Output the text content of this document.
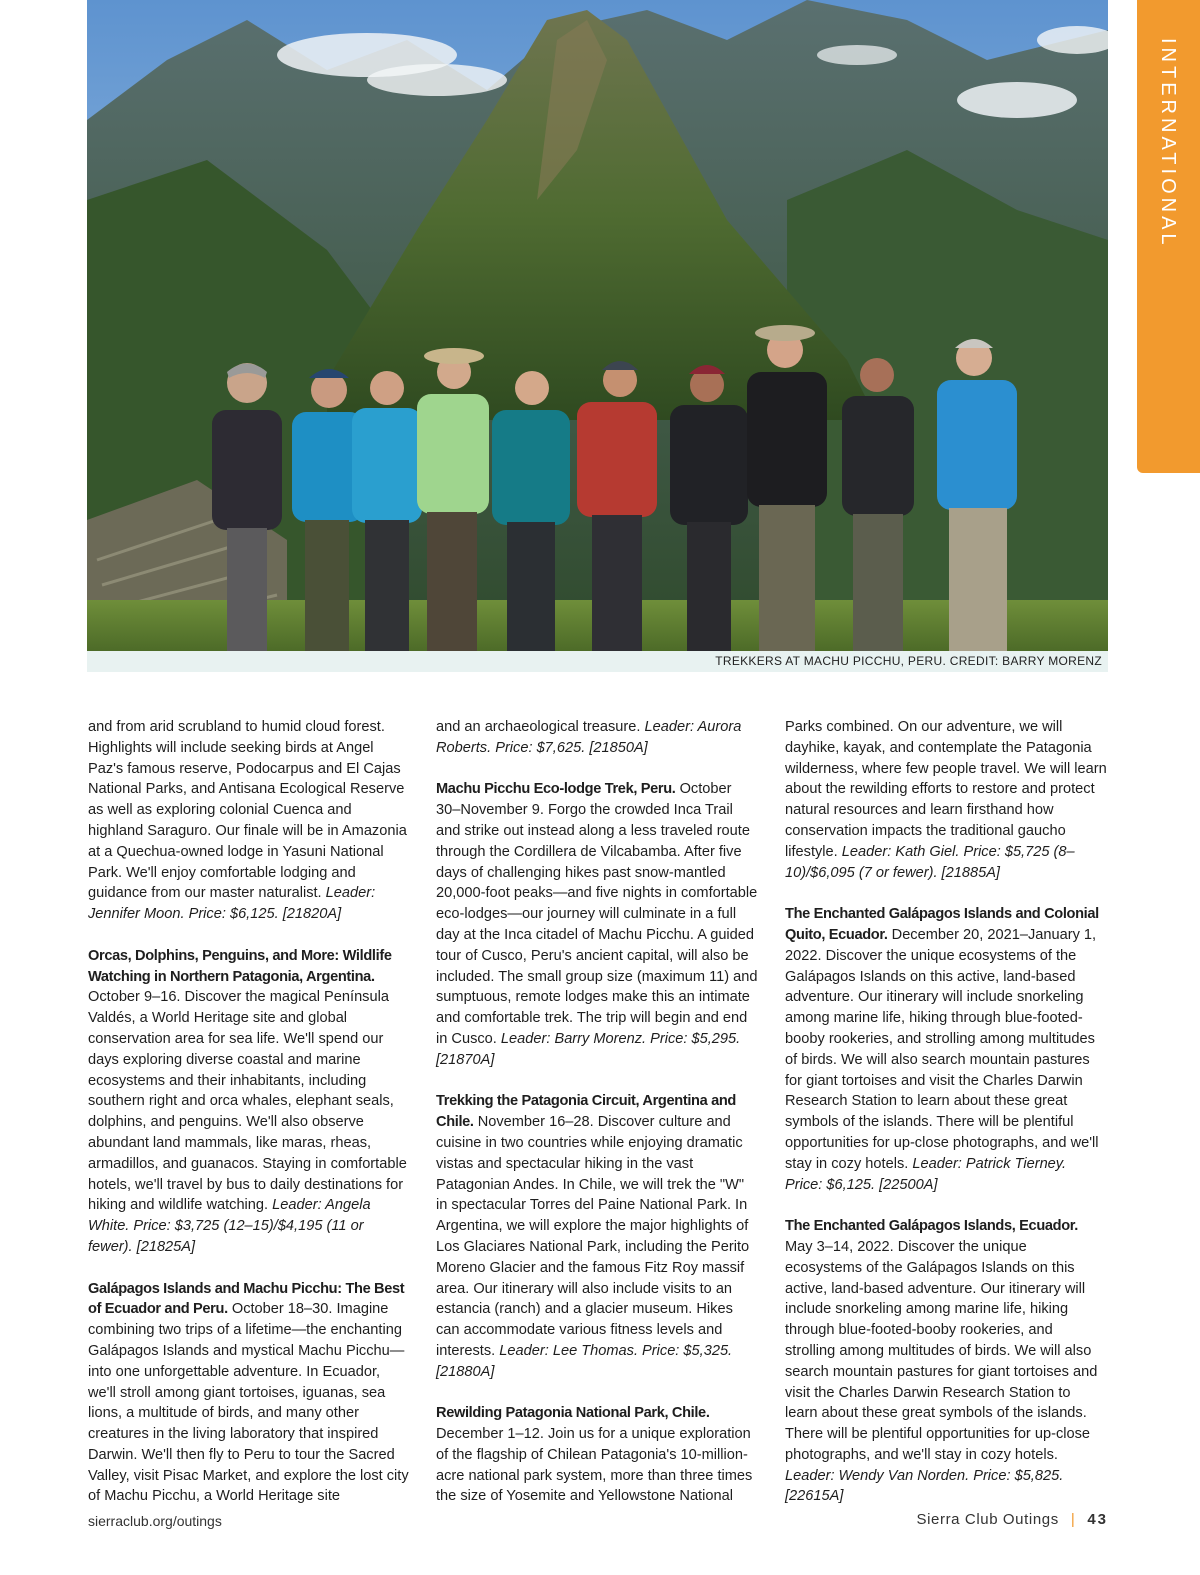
TREKKERS AT MACHU PICCHU, PERU. CREDIT: BARRY MORENZ
INTERNATIONAL

and from arid scrubland to humid cloud forest. Highlights will include seeking birds at Angel Paz's famous reserve, Podocarpus and El Cajas National Parks, and Antisana Ecological Reserve as well as exploring colonial Cuenca and highland Saraguro. Our finale will be in Amazonia at a Quechua-owned lodge in Yasuni National Park. We'll enjoy comfortable lodging and guidance from our master naturalist. Leader: Jennifer Moon. Price: $6,125. [21820A]

Orcas, Dolphins, Penguins, and More: Wildlife Watching in Northern Patagonia, Argentina. October 9–16. Discover the magical Península Valdés, a World Heritage site and global conservation area for sea life. We'll spend our days exploring diverse coastal and marine ecosystems and their inhabitants, including southern right and orca whales, elephant seals, dolphins, and penguins. We'll also observe abundant land mammals, like maras, rheas, armadillos, and guanacos. Staying in comfortable hotels, we'll travel by bus to daily destinations for hiking and wildlife watching. Leader: Angela White. Price: $3,725 (12–15)/$4,195 (11 or fewer). [21825A]

Galápagos Islands and Machu Picchu: The Best of Ecuador and Peru. October 18–30. Imagine combining two trips of a lifetime—the enchanting Galápagos Islands and mystical Machu Picchu—into one unforgettable adventure. In Ecuador, we'll stroll among giant tortoises, iguanas, sea lions, a multitude of birds, and many other creatures in the living laboratory that inspired Darwin. We'll then fly to Peru to tour the Sacred Valley, visit Pisac Market, and explore the lost city of Machu Picchu, a World Heritage site

and an archaeological treasure. Leader: Aurora Roberts. Price: $7,625. [21850A]

Machu Picchu Eco-lodge Trek, Peru. October 30–November 9. Forgo the crowded Inca Trail and strike out instead along a less traveled route through the Cordillera de Vilcabamba. After five days of challenging hikes past snow-mantled 20,000-foot peaks—and five nights in comfortable eco-lodges—our journey will culminate in a full day at the Inca citadel of Machu Picchu. A guided tour of Cusco, Peru's ancient capital, will also be included. The small group size (maximum 11) and sumptuous, remote lodges make this an intimate and comfortable trek. The trip will begin and end in Cusco. Leader: Barry Morenz. Price: $5,295. [21870A]

Trekking the Patagonia Circuit, Argentina and Chile. November 16–28. Discover culture and cuisine in two countries while enjoying dramatic vistas and spectacular hiking in the vast Patagonian Andes. In Chile, we will trek the "W" in spectacular Torres del Paine National Park. In Argentina, we will explore the major highlights of Los Glaciares National Park, including the Perito Moreno Glacier and the famous Fitz Roy massif area. Our itinerary will also include visits to an estancia (ranch) and a glacier museum. Hikes can accommodate various fitness levels and interests. Leader: Lee Thomas. Price: $5,325. [21880A]

Rewilding Patagonia National Park, Chile. December 1–12. Join us for a unique exploration of the flagship of Chilean Patagonia's 10-million-acre national park system, more than three times the size of Yosemite and Yellowstone National

Parks combined. On our adventure, we will dayhike, kayak, and contemplate the Patagonia wilderness, where few people travel. We will learn about the rewilding efforts to restore and protect natural resources and learn firsthand how conservation impacts the traditional gaucho lifestyle. Leader: Kath Giel. Price: $5,725 (8–10)/$6,095 (7 or fewer). [21885A]

The Enchanted Galápagos Islands and Colonial Quito, Ecuador. December 20, 2021–January 1, 2022. Discover the unique ecosystems of the Galápagos Islands on this active, land-based adventure. Our itinerary will include snorkeling among marine life, hiking through blue-footed-booby rookeries, and strolling among multitudes of birds. We will also search mountain pastures for giant tortoises and visit the Charles Darwin Research Station to learn about these great symbols of the islands. There will be plentiful opportunities for up-close photographs, and we'll stay in cozy hotels. Leader: Patrick Tierney. Price: $6,125. [22500A]

The Enchanted Galápagos Islands, Ecuador. May 3–14, 2022. Discover the unique ecosystems of the Galápagos Islands on this active, land-based adventure. Our itinerary will include snorkeling among marine life, hiking through blue-footed-booby rookeries, and strolling among multitudes of birds. We will also search mountain pastures for giant tortoises and visit the Charles Darwin Research Station to learn about these great symbols of the islands. There will be plentiful opportunities for up-close photographs, and we'll stay in cozy hotels. Leader: Wendy Van Norden. Price: $5,825. [22615A]

sierraclub.org/outings	Sierra Club Outings | 43
